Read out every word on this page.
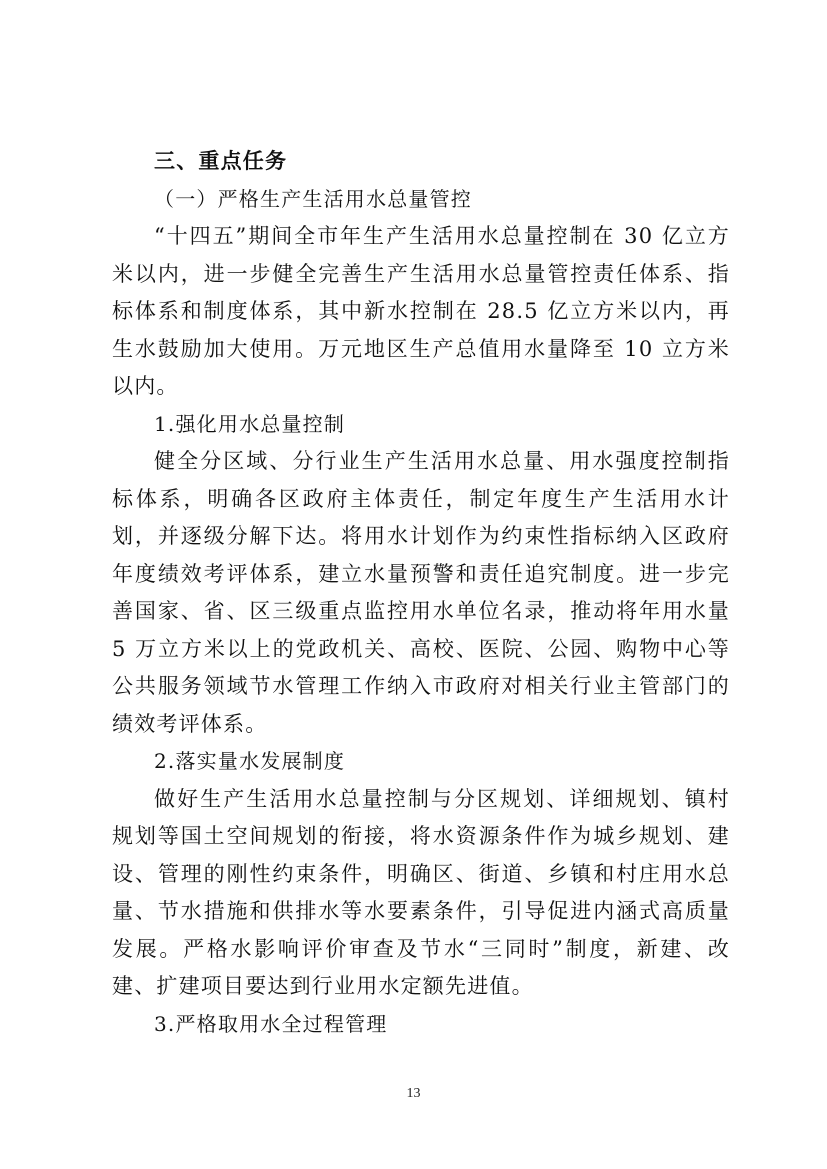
三、重点任务

（一）严格生产生活用水总量管控

“十四五”期间全市年生产生活用水总量控制在 30 亿立方米以内，进一步健全完善生产生活用水总量管控责任体系、指标体系和制度体系，其中新水控制在 28.5 亿立方米以内，再生水鼓励加大使用。万元地区生产总值用水量降至 10 立方米以内。

1.强化用水总量控制

健全分区域、分行业生产生活用水总量、用水强度控制指标体系，明确各区政府主体责任，制定年度生产生活用水计划，并逐级分解下达。将用水计划作为约束性指标纳入区政府年度绩效考评体系，建立水量预警和责任追究制度。进一步完善国家、省、区三级重点监控用水单位名录，推动将年用水量 5 万立方米以上的党政机关、高校、医院、公园、购物中心等公共服务领域节水管理工作纳入市政府对相关行业主管部门的绩效考评体系。

2.落实量水发展制度

做好生产生活用水总量控制与分区规划、详细规划、镇村规划等国土空间规划的衔接，将水资源条件作为城乡规划、建设、管理的刚性约束条件，明确区、街道、乡镇和村庄用水总量、节水措施和供排水等水要素条件，引导促进内涵式高质量发展。严格水影响评价审查及节水“三同时”制度，新建、改建、扩建项目要达到行业用水定额先进值。

3.严格取用水全过程管理

13
